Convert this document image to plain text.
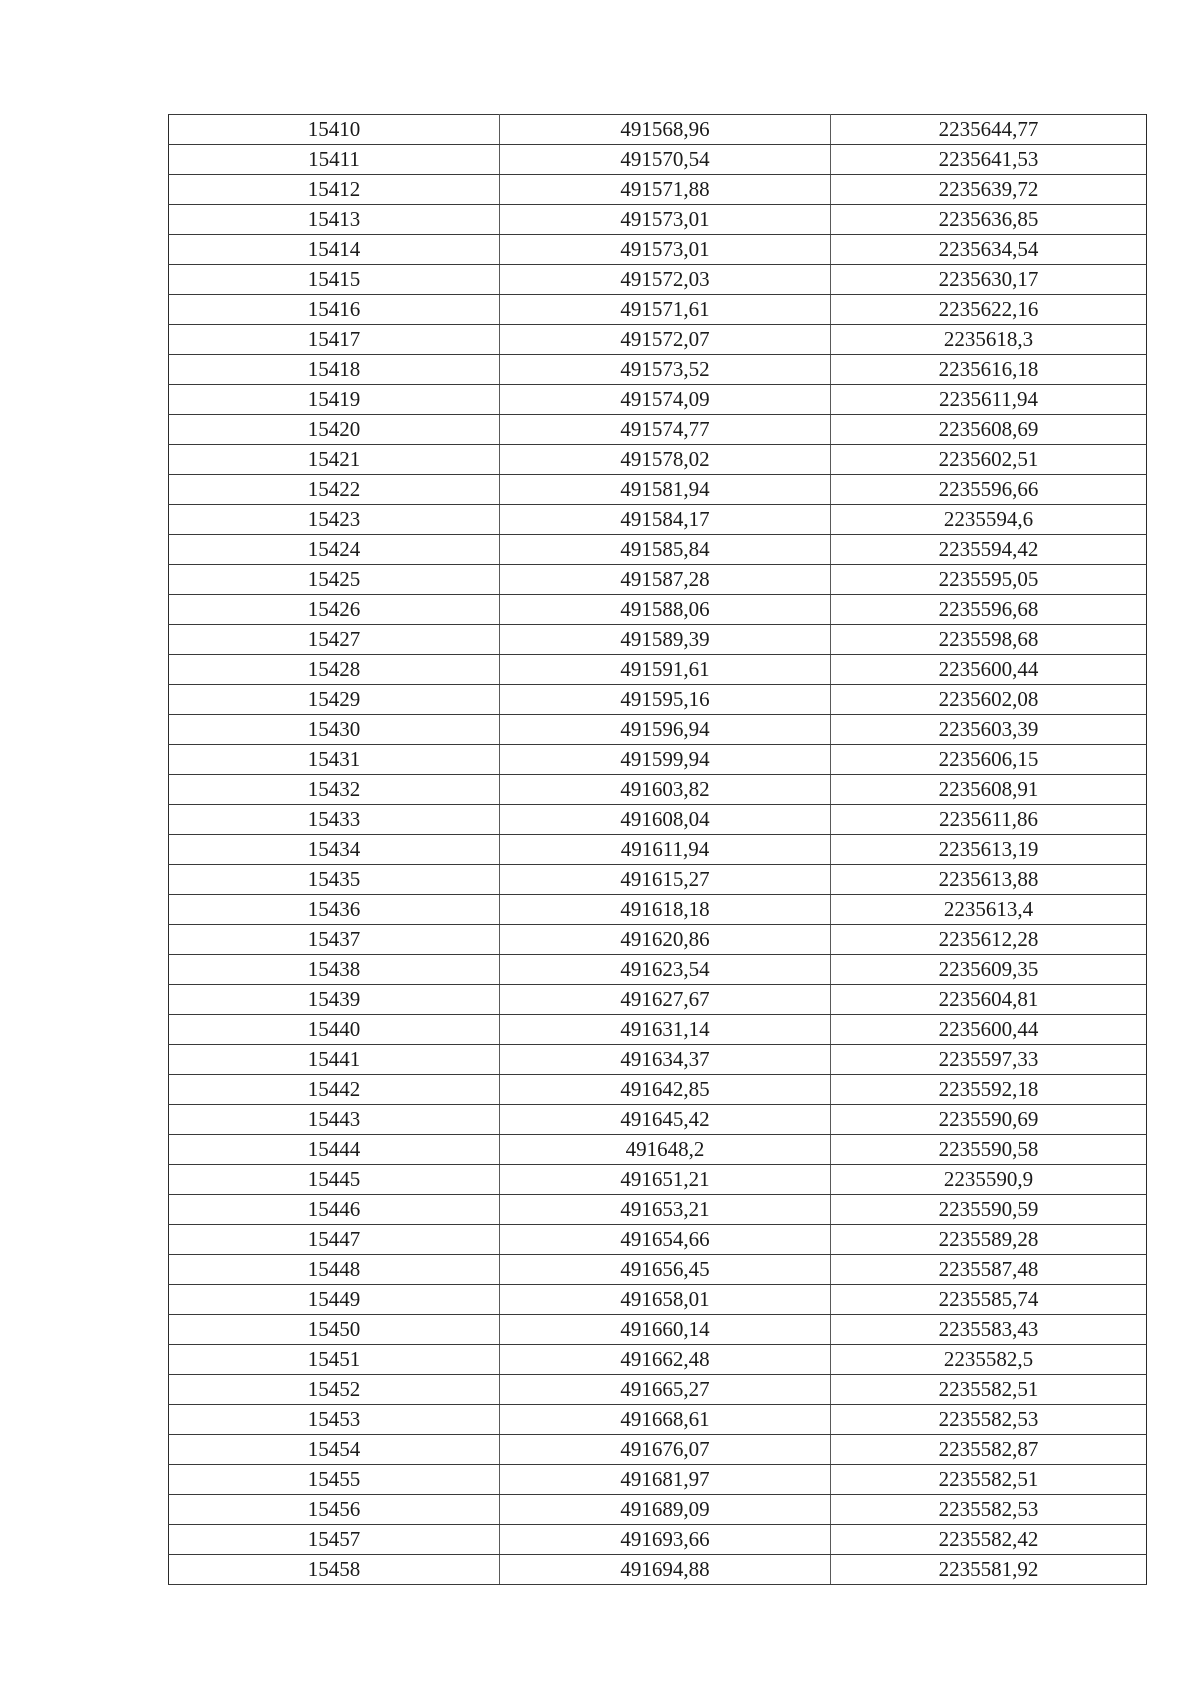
15410	491568,96	2235644,77
15411	491570,54	2235641,53
15412	491571,88	2235639,72
15413	491573,01	2235636,85
15414	491573,01	2235634,54
15415	491572,03	2235630,17
15416	491571,61	2235622,16
15417	491572,07	2235618,3
15418	491573,52	2235616,18
15419	491574,09	2235611,94
15420	491574,77	2235608,69
15421	491578,02	2235602,51
15422	491581,94	2235596,66
15423	491584,17	2235594,6
15424	491585,84	2235594,42
15425	491587,28	2235595,05
15426	491588,06	2235596,68
15427	491589,39	2235598,68
15428	491591,61	2235600,44
15429	491595,16	2235602,08
15430	491596,94	2235603,39
15431	491599,94	2235606,15
15432	491603,82	2235608,91
15433	491608,04	2235611,86
15434	491611,94	2235613,19
15435	491615,27	2235613,88
15436	491618,18	2235613,4
15437	491620,86	2235612,28
15438	491623,54	2235609,35
15439	491627,67	2235604,81
15440	491631,14	2235600,44
15441	491634,37	2235597,33
15442	491642,85	2235592,18
15443	491645,42	2235590,69
15444	491648,2	2235590,58
15445	491651,21	2235590,9
15446	491653,21	2235590,59
15447	491654,66	2235589,28
15448	491656,45	2235587,48
15449	491658,01	2235585,74
15450	491660,14	2235583,43
15451	491662,48	2235582,5
15452	491665,27	2235582,51
15453	491668,61	2235582,53
15454	491676,07	2235582,87
15455	491681,97	2235582,51
15456	491689,09	2235582,53
15457	491693,66	2235582,42
15458	491694,88	2235581,92
